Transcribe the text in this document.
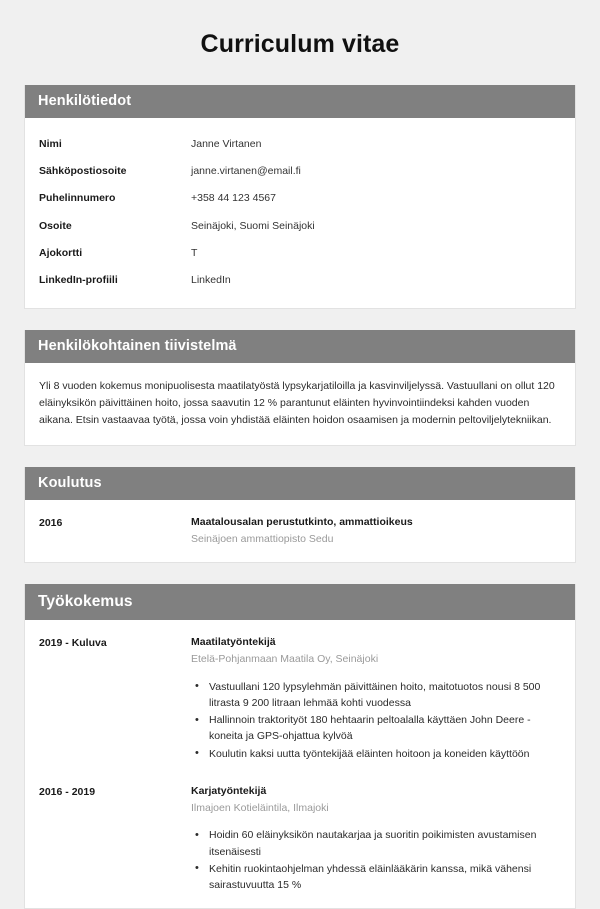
Curriculum vitae
Henkilötiedot
Nimi	Janne Virtanen
Sähköpostiosoite	janne.virtanen@email.fi
Puhelinnumero	+358 44 123 4567
Osoite	Seinäjoki, Suomi Seinäjoki
Ajokortti	T
LinkedIn-profiili	LinkedIn
Henkilökohtainen tiivistelmä

Yli 8 vuoden kokemus monipuolisesta maatilatyöstä lypsykarjatiloilla ja kasvinviljelyssä. Vastuullani on ollut 120 eläinyksikön päivittäinen hoito, jossa saavutin 12 % parantunut eläinten hyvinvointiindeksi kahden vuoden aikana. Etsin vastaavaa työtä, jossa voin yhdistää eläinten hoidon osaamisen ja modernin peltoviljelytekniikan.

Koulutus
2016	Maatalousalan perustutkinto, ammattioikeus
Seinäjoen ammattiopisto Sedu
Työkokemus
2019 - Kuluva	Maatilatyöntekijä
Etelä-Pohjanmaan Maatila Oy, Seinäjoki
• Vastuullani 120 lypsylehmän päivittäinen hoito, maitotuotos nousi 8 500 litrasta 9 200 litraan lehmää kohti vuodessa
• Hallinnoin traktorityöt 180 hehtaarin peltoalalla käyttäen John Deere -koneita ja GPS-ohjattua kylvöä
• Koulutin kaksi uutta työntekijää eläinten hoitoon ja koneiden käyttöön
2016 - 2019	Karjatyöntekijä
Ilmajoen Kotieläintila, Ilmajoki
• Hoidin 60 eläinyksikön nautakarjaa ja suoritin poikimisten avustamisen itsenäisesti
• Kehitin ruokintaohjelman yhdessä eläinlääkärin kanssa, mikä vähensi sairastuvuutta 15 %
